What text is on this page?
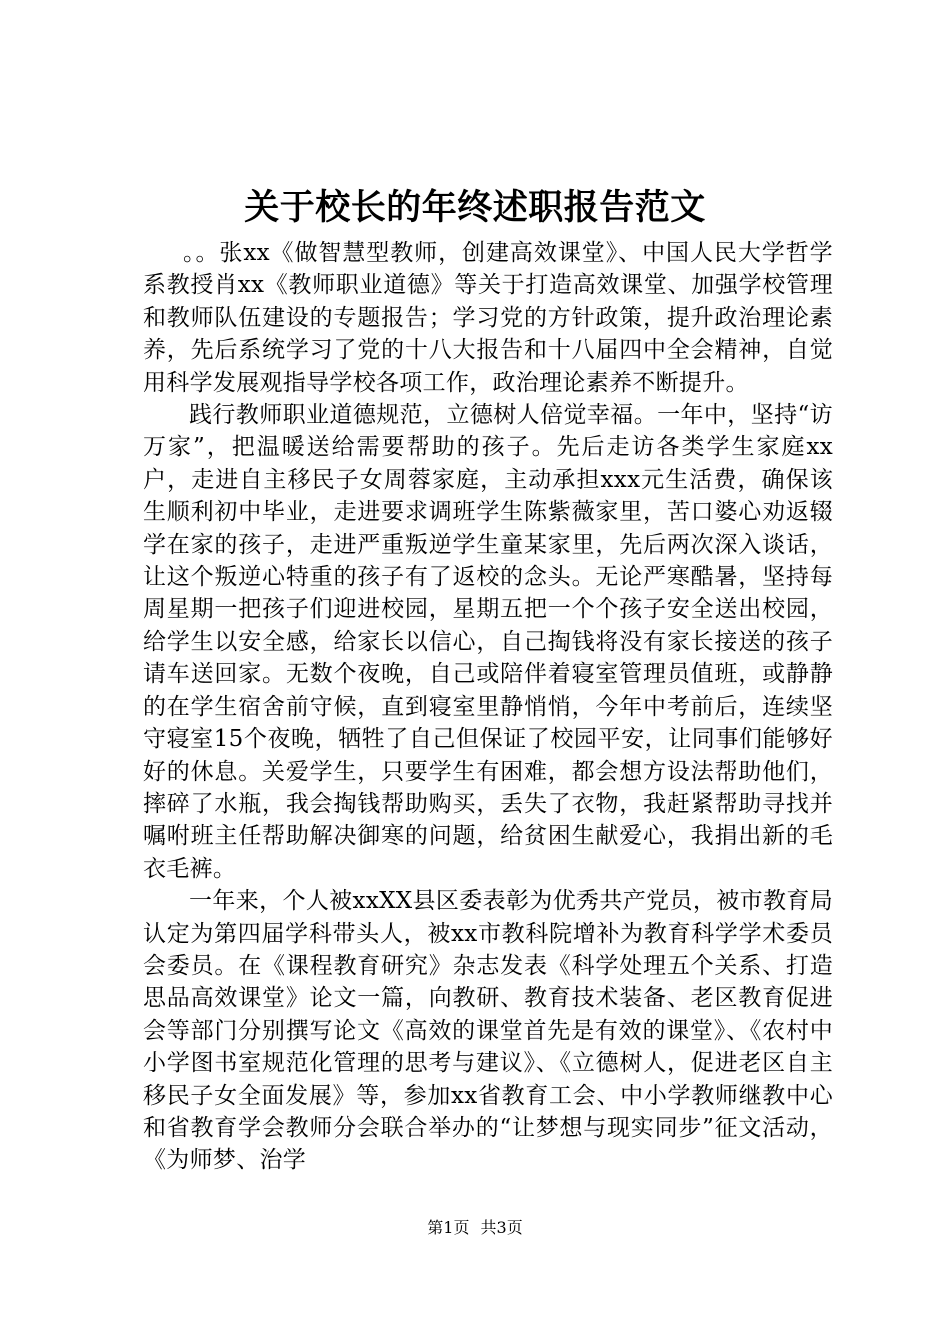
关于校长的年终述职报告范文

。。张xx《做智慧型教师，创建高效课堂》、中国人民大学哲学系教授肖xx《教师职业道德》等关于打造高效课堂、加强学校管理和教师队伍建设的专题报告；学习党的方针政策，提升政治理论素养，先后系统学习了党的十八大报告和十八届四中全会精神，自觉用科学发展观指导学校各项工作，政治理论素养不断提升。

践行教师职业道德规范，立德树人倍觉幸福。一年中，坚持“访万家”，把温暖送给需要帮助的孩子。先后走访各类学生家庭xx户，走进自主移民子女周蓉家庭，主动承担xxx元生活费，确保该生顺利初中毕业，走进要求调班学生陈紫薇家里，苦口婆心劝返辍学在家的孩子，走进严重叛逆学生童某家里，先后两次深入谈话，让这个叛逆心特重的孩子有了返校的念头。无论严寒酷暑，坚持每周星期一把孩子们迎进校园，星期五把一个个孩子安全送出校园，给学生以安全感，给家长以信心，自己掏钱将没有家长接送的孩子请车送回家。无数个夜晚，自己或陪伴着寝室管理员值班，或静静的在学生宿舍前守候，直到寝室里静悄悄，今年中考前后，连续坚守寝室15个夜晚，牺牲了自己但保证了校园平安，让同事们能够好好的休息。关爱学生，只要学生有困难，都会想方设法帮助他们，摔碎了水瓶，我会掏钱帮助购买，丢失了衣物，我赶紧帮助寻找并嘱咐班主任帮助解决御寒的问题，给贫困生献爱心，我捐出新的毛衣毛裤。

一年来，个人被xxXX县区委表彰为优秀共产党员，被市教育局认定为第四届学科带头人，被xx市教科院增补为教育科学学术委员会委员。在《课程教育研究》杂志发表《科学处理五个关系、打造思品高效课堂》论文一篇，向教研、教育技术装备、老区教育促进会等部门分别撰写论文《高效的课堂首先是有效的课堂》、《农村中小学图书室规范化管理的思考与建议》、《立德树人，促进老区自主移民子女全面发展》等，参加xx省教育工会、中小学教师继教中心和省教育学会教师分会联合举办的“让梦想与现实同步”征文活动，《为师梦、治学

第1页 共3页
